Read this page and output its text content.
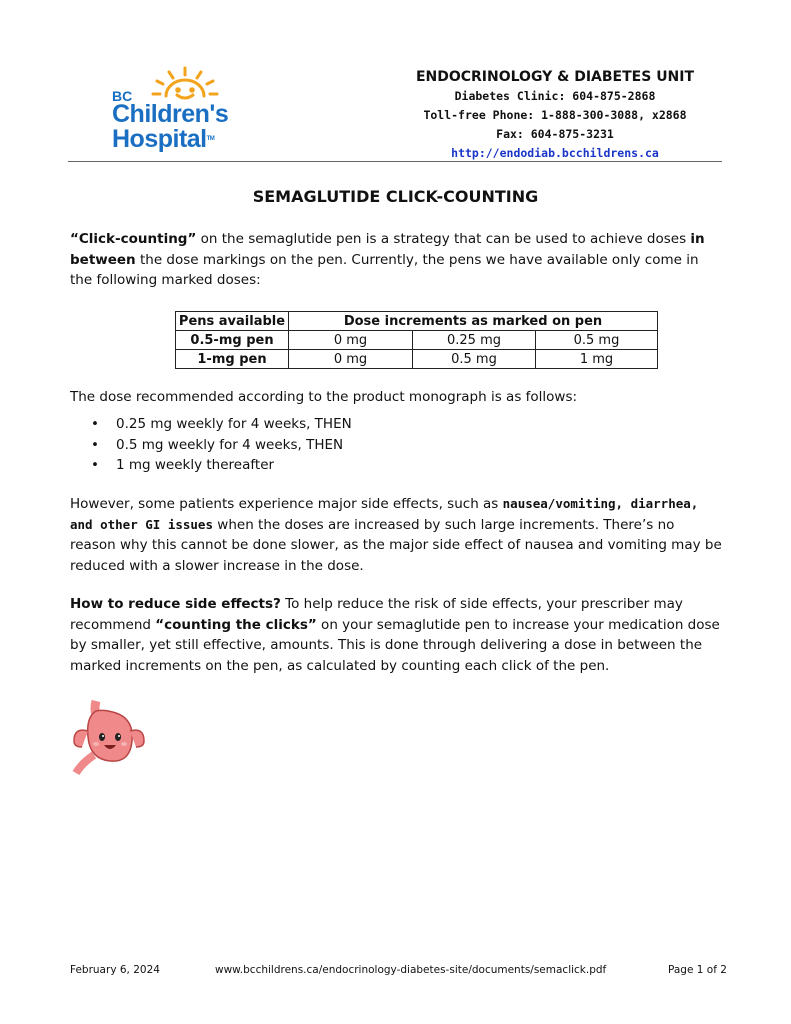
BC
Children's
Hospital™
ENDOCRINOLOGY & DIABETES UNIT
Diabetes Clinic: 604-875-2868
Toll-free Phone: 1-888-300-3088, x2868
Fax: 604-875-3231
http://endodiab.bcchildrens.ca
SEMAGLUTIDE CLICK-COUNTING
“Click-counting” on the semaglutide pen is a strategy that can be used to achieve doses in between the dose markings on the pen. Currently, the pens we have available only come in the following marked doses:
Pens available	Dose increments as marked on pen		
0.5-mg pen	0 mg	0.25 mg	0.5 mg
1-mg pen	0 mg	0.5 mg	1 mg
The dose recommended according to the product monograph is as follows:
• 0.25 mg weekly for 4 weeks, THEN
• 0.5 mg weekly for 4 weeks, THEN
• 1 mg weekly thereafter
However, some patients experience major side effects, such as nausea/vomiting, diarrhea, and other GI issues when the doses are increased by such large increments. There’s no reason why this cannot be done slower, as the major side effect of nausea and vomiting may be reduced with a slower increase in the dose.
How to reduce side effects? To help reduce the risk of side effects, your prescriber may recommend “counting the clicks” on your semaglutide pen to increase your medication dose by smaller, yet still effective, amounts. This is done through delivering a dose in between the marked increments on the pen, as calculated by counting each click of the pen.
February 6, 2024	www.bcchildrens.ca/endocrinology-diabetes-site/documents/semaclick.pdf	Page 1 of 2
